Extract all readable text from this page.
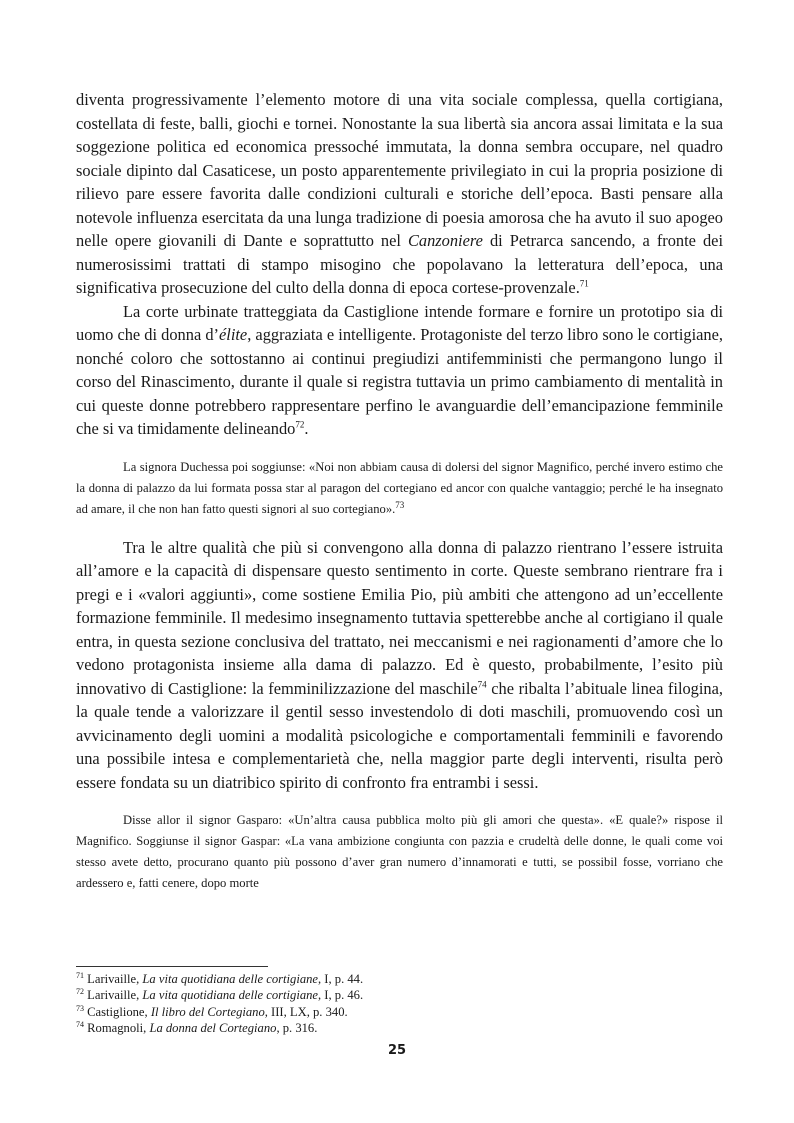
diventa progressivamente l’elemento motore di una vita sociale complessa, quella cortigiana, costellata di feste, balli, giochi e tornei. Nonostante la sua libertà sia ancora assai limitata e la sua soggezione politica ed economica pressoché immutata, la donna sembra occupare, nel quadro sociale dipinto dal Casaticese, un posto apparentemente privilegiato in cui la propria posizione di rilievo pare essere favorita dalle condizioni culturali e storiche dell’epoca. Basti pensare alla notevole influenza esercitata da una lunga tradizione di poesia amorosa che ha avuto il suo apogeo nelle opere giovanili di Dante e soprattutto nel Canzoniere di Petrarca sancendo, a fronte dei numerosissimi trattati di stampo misogino che popolavano la letteratura dell’epoca, una significativa prosecuzione del culto della donna di epoca cortese-provenzale.$^{71}$

La corte urbinate tratteggiata da Castiglione intende formare e fornire un prototipo sia di uomo che di donna d’élite, aggraziata e intelligente. Protagoniste del terzo libro sono le cortigiane, nonché coloro che sottostanno ai continui pregiudizi antifemministi che permangono lungo il corso del Rinascimento, durante il quale si registra tuttavia un primo cambiamento di mentalità in cui queste donne potrebbero rappresentare perfino le avanguardie dell’emancipazione femminile che si va timidamente delineando$^{72}$.

La signora Duchessa poi soggiunse: «Noi non abbiam causa di dolersi del signor Magnifico, perché invero estimo che la donna di palazzo da lui formata possa star al paragon del cortegiano ed ancor con qualche vantaggio; perché le ha insegnato ad amare, il che non han fatto questi signori al suo cortegiano».$^{73}$

Tra le altre qualità che più si convengono alla donna di palazzo rientrano l’essere istruita all’amore e la capacità di dispensare questo sentimento in corte. Queste sembrano rientrare fra i pregi e i «valori aggiunti», come sostiene Emilia Pio, più ambiti che attengono ad un’eccellente formazione femminile. Il medesimo insegnamento tuttavia spetterebbe anche al cortigiano il quale entra, in questa sezione conclusiva del trattato, nei meccanismi e nei ragionamenti d’amore che lo vedono protagonista insieme alla dama di palazzo. Ed è questo, probabilmente, l’esito più innovativo di Castiglione: la femminilizzazione del maschile$^{74}$ che ribalta l’abituale linea filogina, la quale tende a valorizzare il gentil sesso investendolo di doti maschili, promuovendo così un avvicinamento degli uomini a modalità psicologiche e comportamentali femminili e favorendo una possibile intesa e complementarietà che, nella maggior parte degli interventi, risulta però essere fondata su un diatribico spirito di confronto fra entrambi i sessi.

Disse allor il signor Gasparo: «Un’altra causa pubblica molto più gli amori che questa». «E quale?» rispose il Magnifico. Soggiunse il signor Gaspar: «La vana ambizione congiunta con pazzia e crudeltà delle donne, le quali come voi stesso avete detto, procurano quanto più possono d’aver gran numero d’innamorati e tutti, se possibil fosse, vorriano che ardessero e, fatti cenere, dopo morte

$^{71}$ Larivaille, La vita quotidiana delle cortigiane, I, p. 44.

$^{72}$ Larivaille, La vita quotidiana delle cortigiane, I, p. 46.

$^{73}$ Castiglione, Il libro del Cortegiano, III, LX, p. 340.

$^{74}$ Romagnoli, La donna del Cortegiano, p. 316.

25
